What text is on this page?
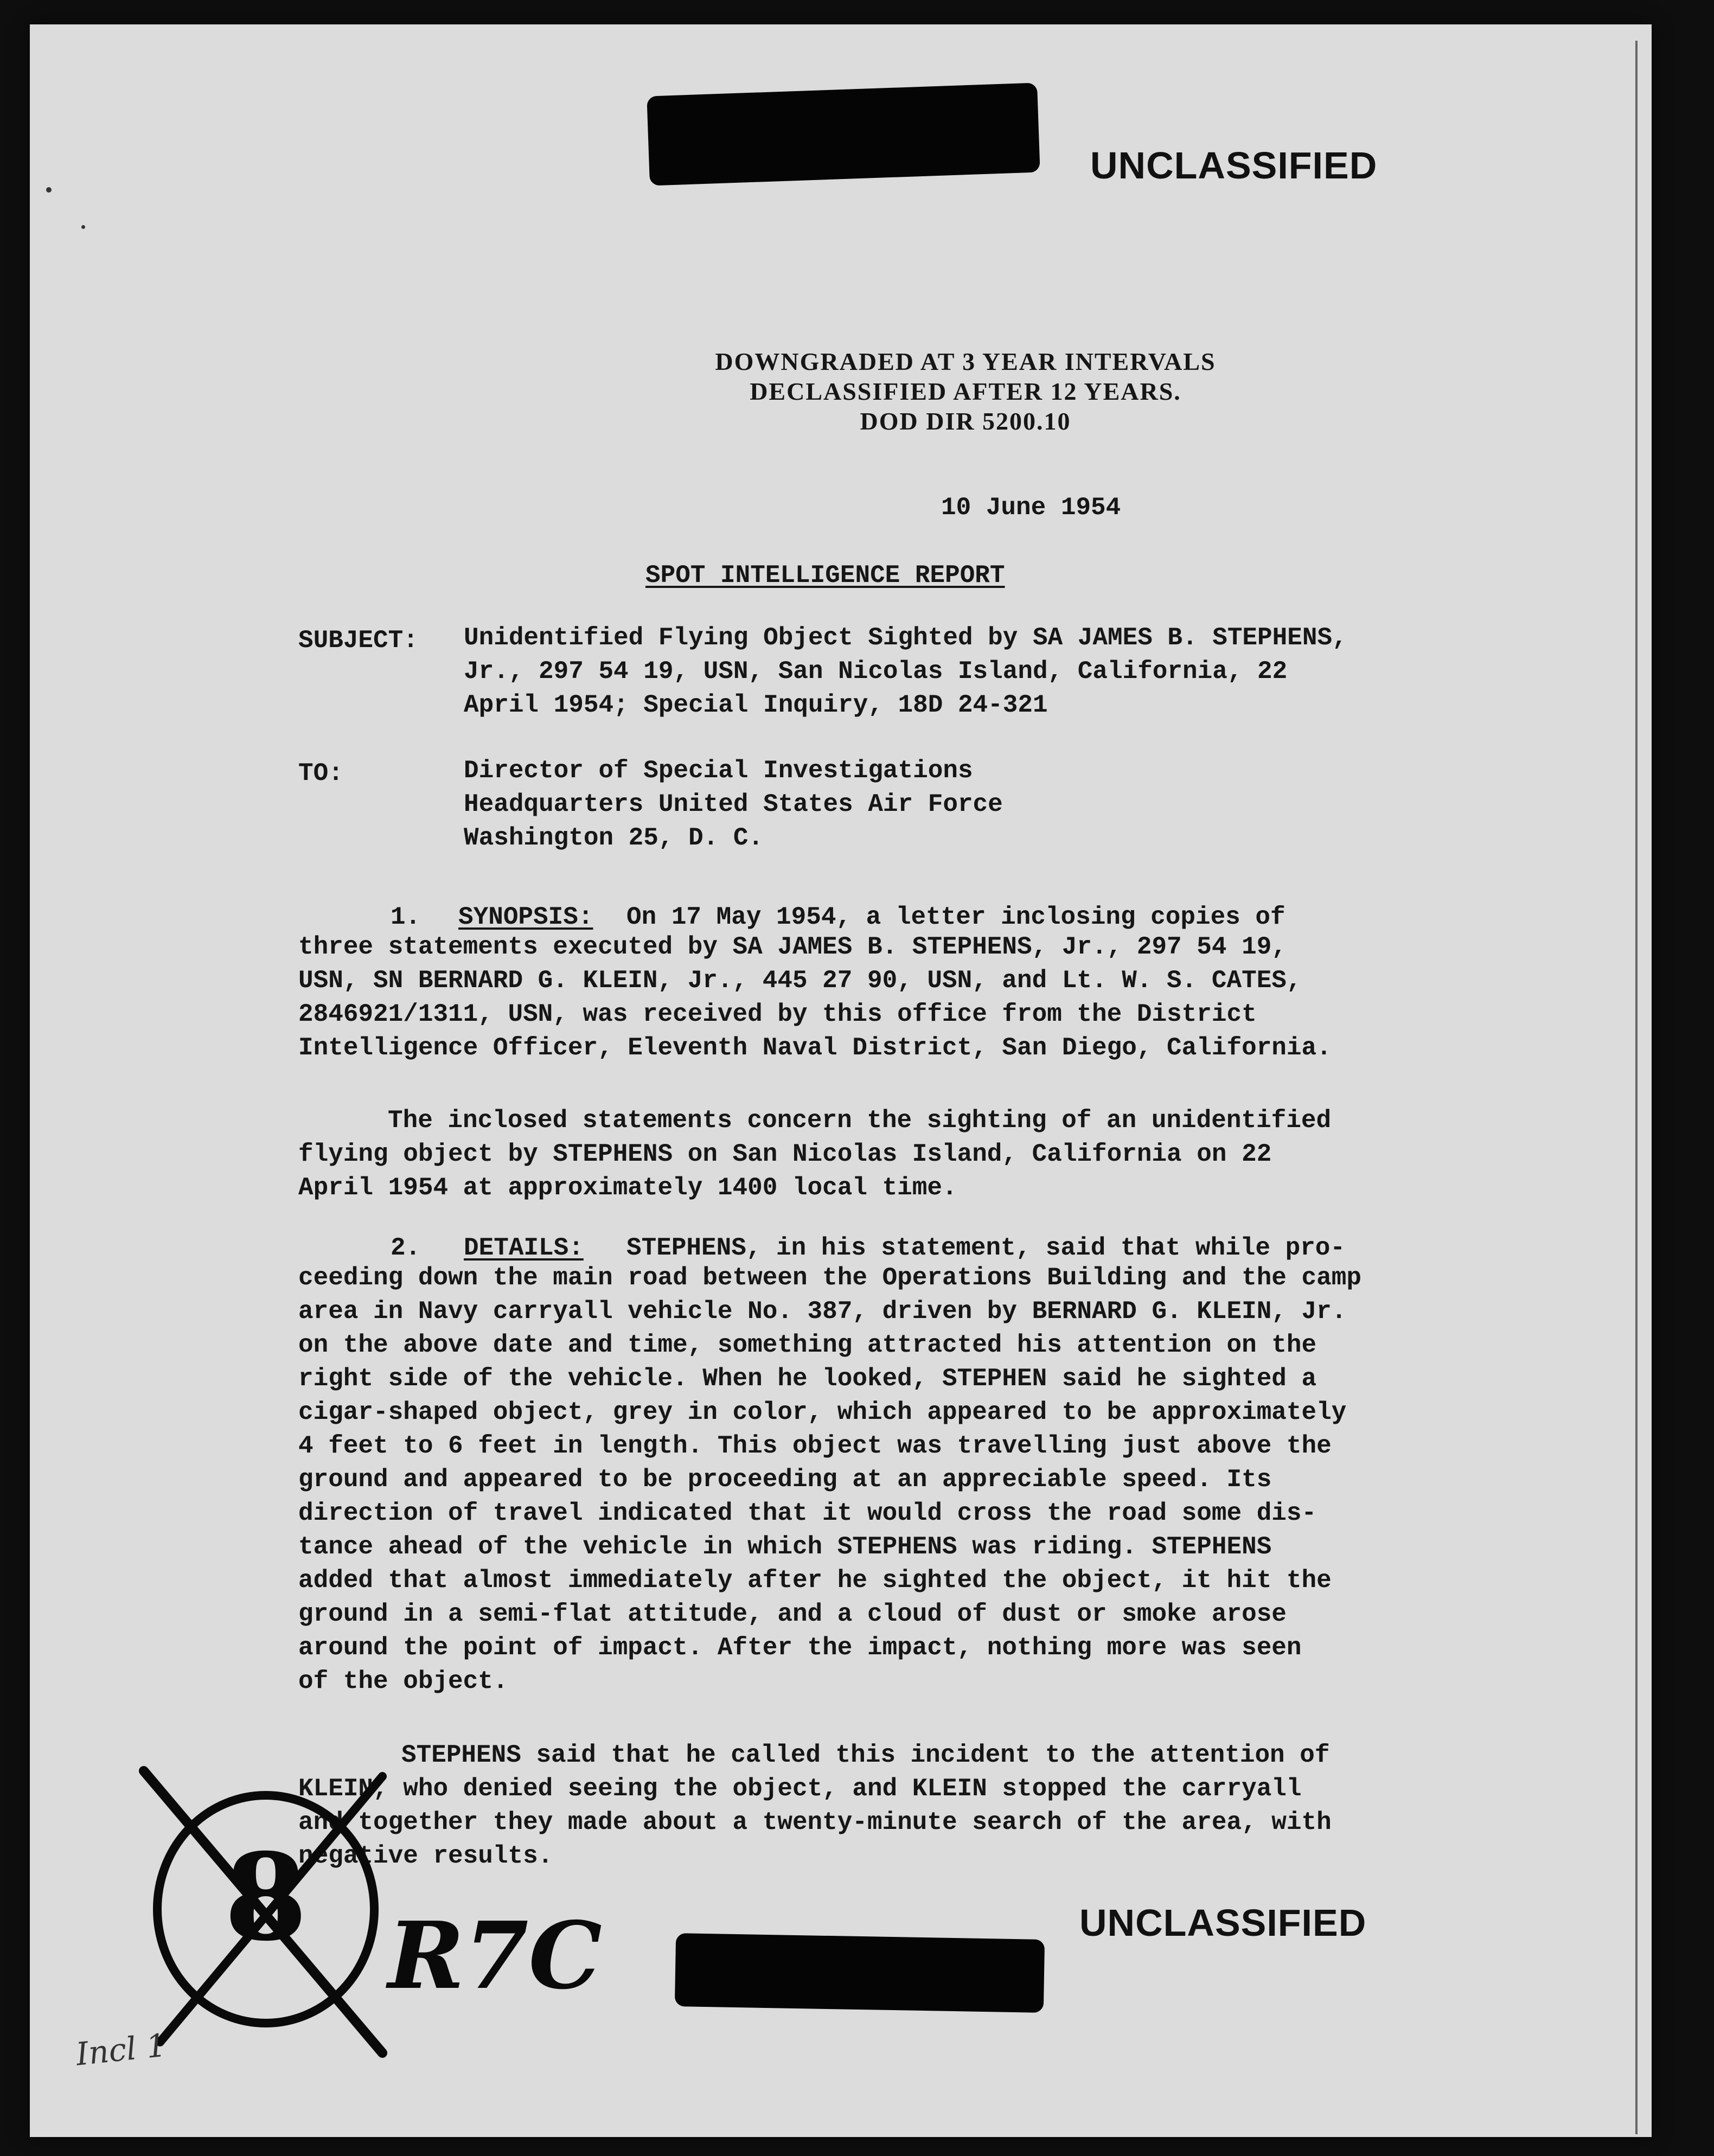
UNCLASSIFIED
DOWNGRADED AT 3 YEAR INTERVALS
DECLASSIFIED AFTER 12 YEARS.
DOD DIR 5200.10
10 June 1954
SPOT INTELLIGENCE REPORT
SUBJECT: Unidentified Flying Object Sighted by SA JAMES B. STEPHENS,
Jr., 297 54 19, USN, San Nicolas Island, California, 22
April 1954; Special Inquiry, 18D 24-321
TO:	Director of Special Investigations
Headquarters United States Air Force
Washington 25, D. C.
1. SYNOPSIS: On 17 May 1954, a letter inclosing copies of
three statements executed by SA JAMES B. STEPHENS, Jr., 297 54 19,
USN, SN BERNARD G. KLEIN, Jr., 445 27 90, USN, and Lt. W. S. CATES,
2846921/1311, USN, was received by this office from the District
Intelligence Officer, Eleventh Naval District, San Diego, California.
The inclosed statements concern the sighting of an unidentified
flying object by STEPHENS on San Nicolas Island, California on 22
April 1954 at approximately 1400 local time.
2. DETAILS: STEPHENS, in his statement, said that while pro-
ceeding down the main road between the Operations Building and the camp
area in Navy carryall vehicle No. 387, driven by BERNARD G. KLEIN, Jr.
on the above date and time, something attracted his attention on the
right side of the vehicle. When he looked, STEPHEN said he sighted a
cigar-shaped object, grey in color, which appeared to be approximately
4 feet to 6 feet in length. This object was travelling just above the
ground and appeared to be proceeding at an appreciable speed. Its
direction of travel indicated that it would cross the road some dis-
tance ahead of the vehicle in which STEPHENS was riding. STEPHENS
added that almost immediately after he sighted the object, it hit the
ground in a semi-flat attitude, and a cloud of dust or smoke arose
around the point of impact. After the impact, nothing more was seen
of the object.
STEPHENS said that he called this incident to the attention of
KLEIN, who denied seeing the object, and KLEIN stopped the carryall
and together they made about a twenty-minute search of the area, with
negative results.
8 R7C
Incl 1
UNCLASSIFIED
